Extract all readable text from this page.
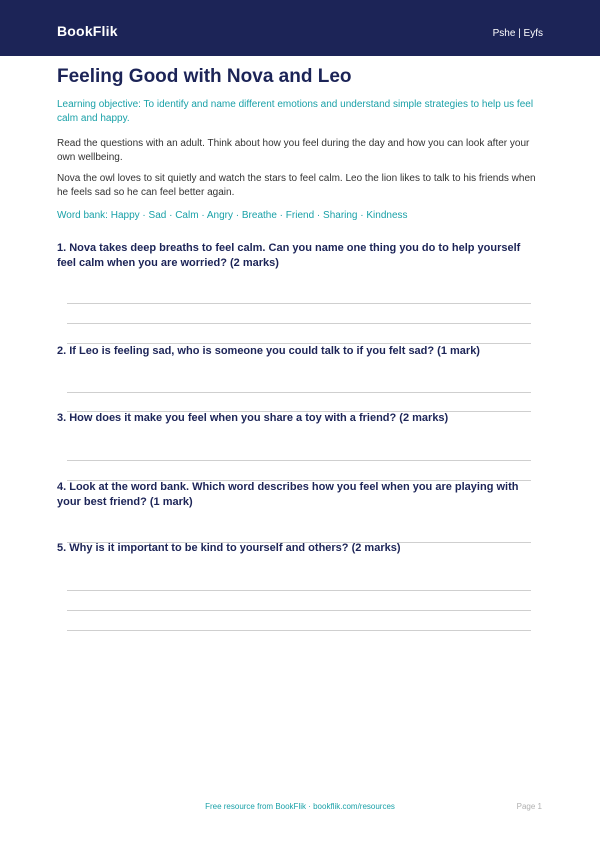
BookFlik	Pshe | Eyfs
Feeling Good with Nova and Leo

Learning objective: To identify and name different emotions and understand simple strategies to help us feel calm and happy.

Read the questions with an adult. Think about how you feel during the day and how you can look after your own wellbeing.

Nova the owl loves to sit quietly and watch the stars to feel calm. Leo the lion likes to talk to his friends when he feels sad so he can feel better again.

Word bank: Happy · Sad · Calm · Angry · Breathe · Friend · Sharing · Kindness

1. Nova takes deep breaths to feel calm. Can you name one thing you do to help yourself feel calm when you are worried? (2 marks)

2. If Leo is feeling sad, who is someone you could talk to if you felt sad? (1 mark)

3. How does it make you feel when you share a toy with a friend? (2 marks)

4. Look at the word bank. Which word describes how you feel when you are playing with your best friend? (1 mark)

5. Why is it important to be kind to yourself and others? (2 marks)

Free resource from BookFlik · bookflik.com/resources	Page 1
